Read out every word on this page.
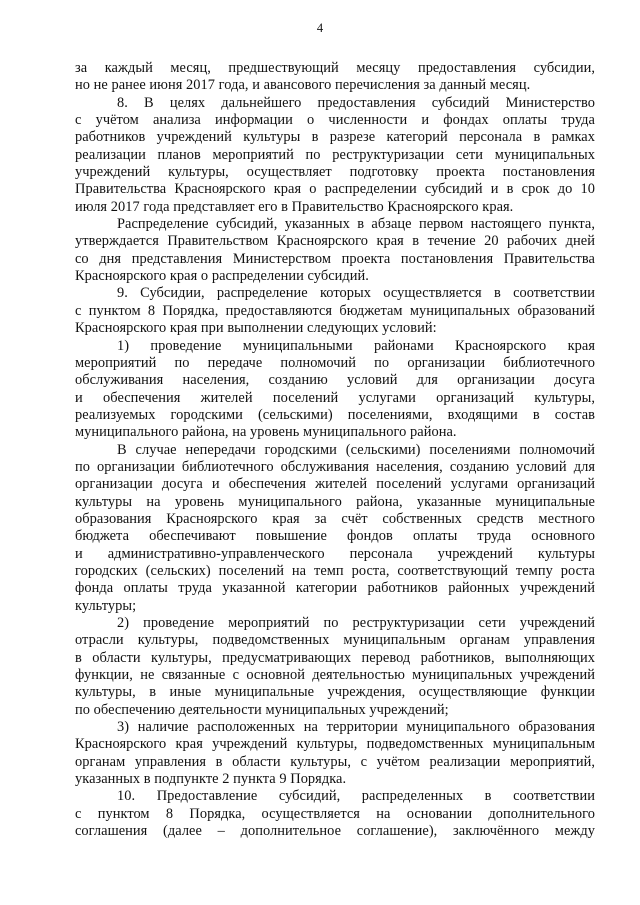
4

за каждый месяц, предшествующий месяцу предоставления субсидии,

но не ранее июня 2017 года, и авансового перечисления за данный месяц.

8. В целях дальнейшего предоставления субсидий Министерство

с учётом анализа информации о численности и фондах оплаты труда

работников учреждений культуры в разрезе категорий персонала в рамках

реализации планов мероприятий по реструктуризации сети муниципальных

учреждений культуры, осуществляет подготовку проекта постановления

Правительства Красноярского края о распределении субсидий и в срок до 10

июля 2017 года представляет его в Правительство Красноярского края.

Распределение субсидий, указанных в абзаце первом настоящего пункта,

утверждается Правительством Красноярского края в течение 20 рабочих дней

со дня представления Министерством проекта постановления Правительства

Красноярского края о распределении субсидий.

9. Субсидии, распределение которых осуществляется в соответствии

с пунктом 8 Порядка, предоставляются бюджетам муниципальных образований

Красноярского края при выполнении следующих условий:

1) проведение муниципальными районами Красноярского края

мероприятий по передаче полномочий по организации библиотечного

обслуживания населения, созданию условий для организации досуга

и обеспечения жителей поселений услугами организаций культуры,

реализуемых городскими (сельскими) поселениями, входящими в состав

муниципального района, на уровень муниципального района.

В случае непередачи городскими (сельскими) поселениями полномочий

по организации библиотечного обслуживания населения, созданию условий для

организации досуга и обеспечения жителей поселений услугами организаций

культуры на уровень муниципального района, указанные муниципальные

образования Красноярского края за счёт собственных средств местного

бюджета обеспечивают повышение фондов оплаты труда основного

и административно-управленческого персонала учреждений культуры

городских (сельских) поселений на темп роста, соответствующий темпу роста

фонда оплаты труда указанной категории работников районных учреждений

культуры;

2) проведение мероприятий по реструктуризации сети учреждений

отрасли культуры, подведомственных муниципальным органам управления

в области культуры, предусматривающих перевод работников, выполняющих

функции, не связанные с основной деятельностью муниципальных учреждений

культуры, в иные муниципальные учреждения, осуществляющие функции

по обеспечению деятельности муниципальных учреждений;

3) наличие расположенных на территории муниципального образования

Красноярского края учреждений культуры, подведомственных муниципальным

органам управления в области культуры, с учётом реализации мероприятий,

указанных в подпункте 2 пункта 9 Порядка.

10. Предоставление субсидий, распределенных в соответствии

с пунктом 8 Порядка, осуществляется на основании дополнительного

соглашения (далее – дополнительное соглашение), заключённого между
